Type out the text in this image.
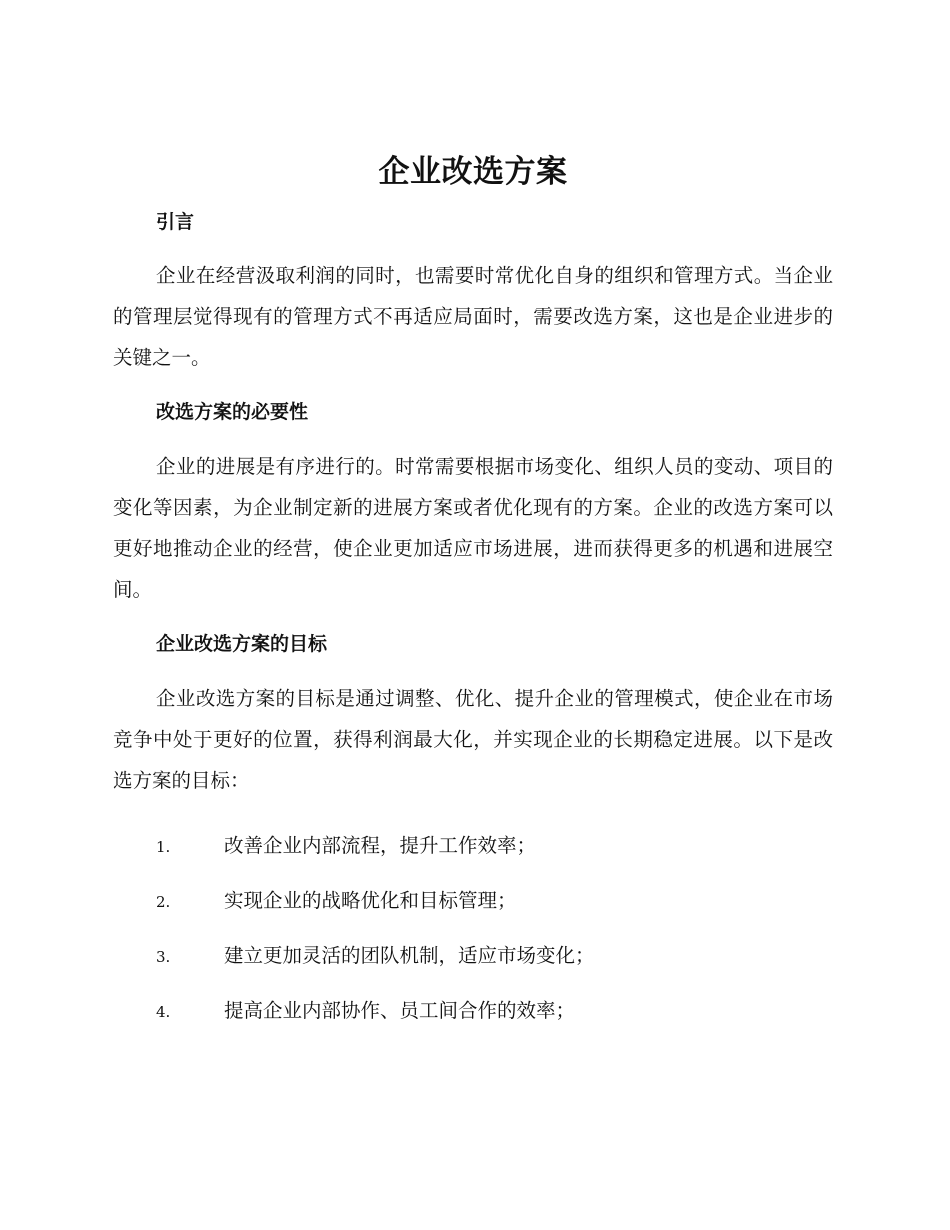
企业改选方案
引言

企业在经营汲取利润的同时，也需要时常优化自身的组织和管理方式。当企业的管理层觉得现有的管理方式不再适应局面时，需要改选方案，这也是企业进步的关键之一。

改选方案的必要性

企业的进展是有序进行的。时常需要根据市场变化、组织人员的变动、项目的变化等因素，为企业制定新的进展方案或者优化现有的方案。企业的改选方案可以更好地推动企业的经营，使企业更加适应市场进展，进而获得更多的机遇和进展空间。

企业改选方案的目标

企业改选方案的目标是通过调整、优化、提升企业的管理模式，使企业在市场竞争中处于更好的位置，获得利润最大化，并实现企业的长期稳定进展。以下是改选方案的目标：

1.	改善企业内部流程，提升工作效率；
2.	实现企业的战略优化和目标管理；
3.	建立更加灵活的团队机制，适应市场变化；
4.	提高企业内部协作、员工间合作的效率；
